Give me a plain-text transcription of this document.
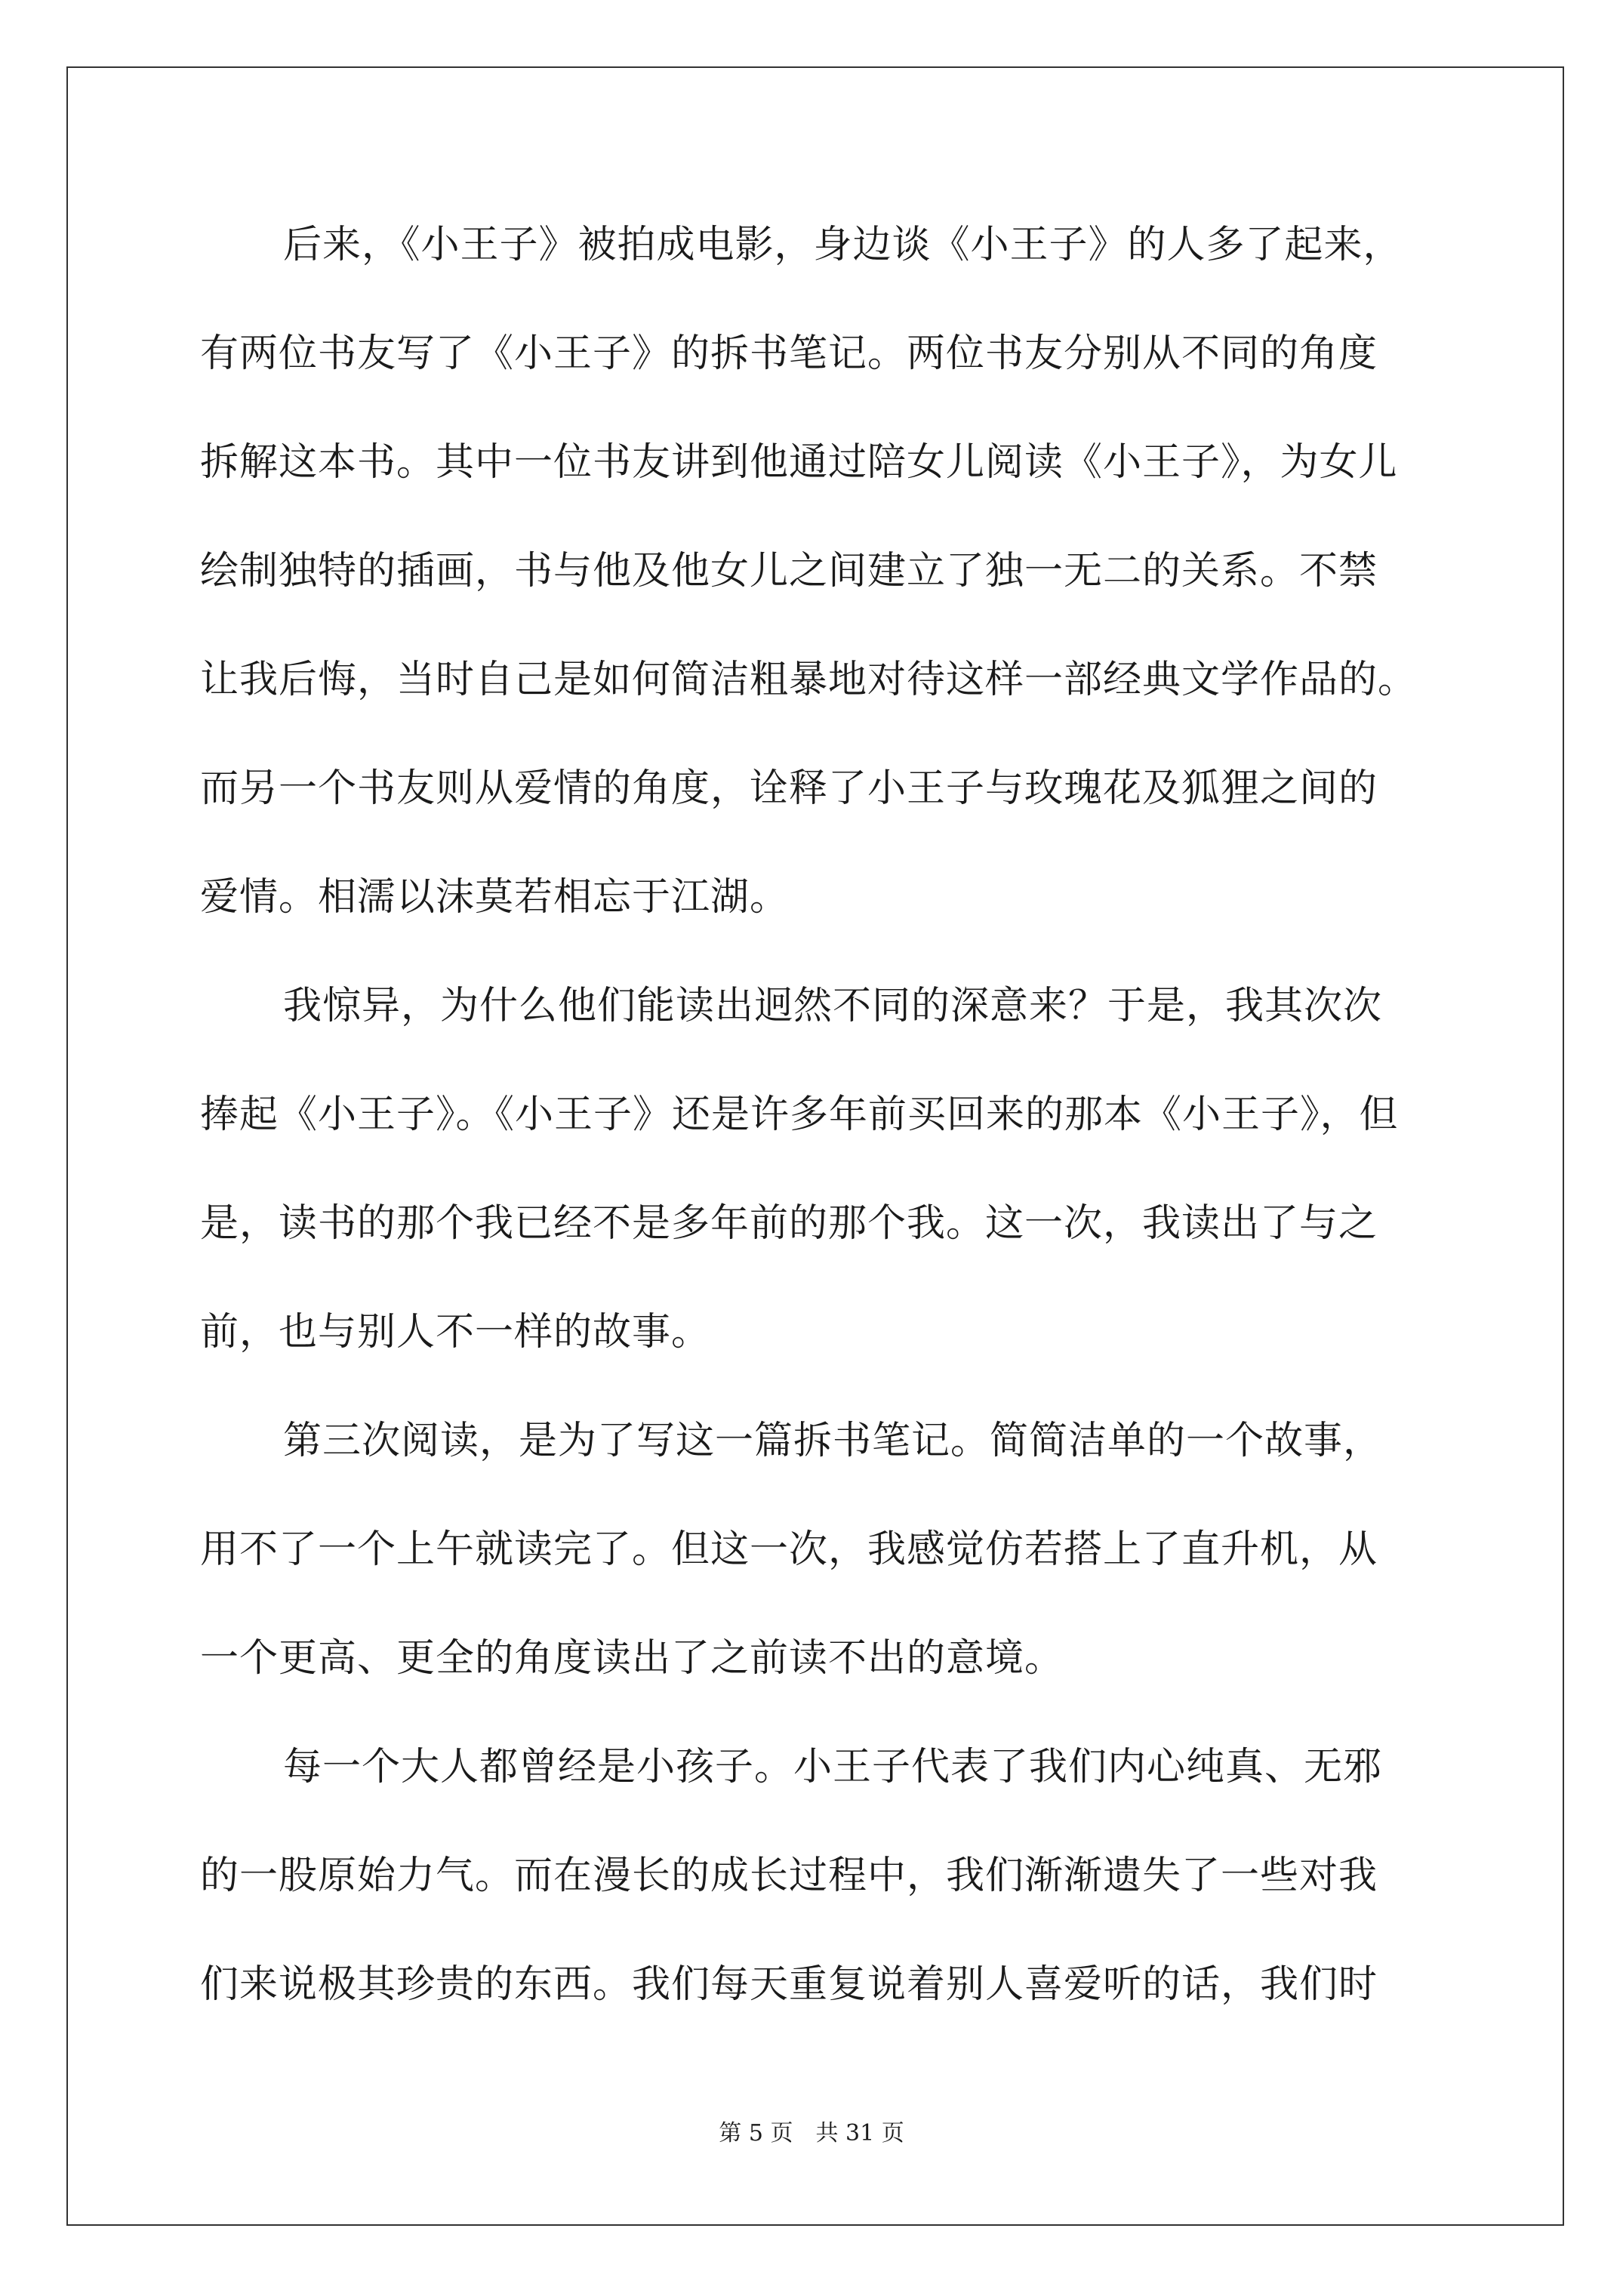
后来，《小王子》被拍成电影，身边谈《小王子》的人多了起来，
有两位书友写了《小王子》的拆书笔记。两位书友分别从不同的角度
拆解这本书。其中一位书友讲到他通过陪女儿阅读《小王子》，为女儿
绘制独特的插画，书与他及他女儿之间建立了独一无二的关系。不禁
让我后悔，当时自己是如何简洁粗暴地对待这样一部经典文学作品的。
而另一个书友则从爱情的角度，诠释了小王子与玫瑰花及狐狸之间的
爱情。相濡以沫莫若相忘于江湖。
我惊异，为什么他们能读出迥然不同的深意来？于是，我其次次
捧起《小王子》。《小王子》还是许多年前买回来的那本《小王子》，但
是，读书的那个我已经不是多年前的那个我。这一次，我读出了与之
前，也与别人不一样的故事。
第三次阅读，是为了写这一篇拆书笔记。简简洁单的一个故事，
用不了一个上午就读完了。但这一次，我感觉仿若搭上了直升机，从
一个更高、更全的角度读出了之前读不出的意境。
每一个大人都曾经是小孩子。小王子代表了我们内心纯真、无邪
的一股原始力气。而在漫长的成长过程中，我们渐渐遗失了一些对我
们来说极其珍贵的东西。我们每天重复说着别人喜爱听的话，我们时
第 5 页　共 31 页
